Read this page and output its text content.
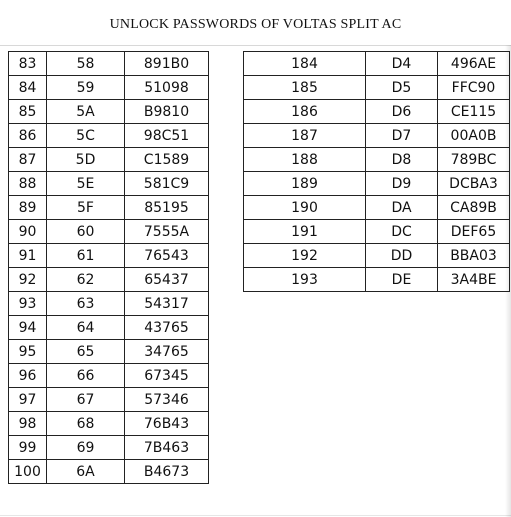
UNLOCK PASSWORDS OF VOLTAS SPLIT AC
83	58	891B0
84	59	51098
85	5A	B9810
86	5C	98C51
87	5D	C1589
88	5E	581C9
89	5F	85195
90	60	7555A
91	61	76543
92	62	65437
93	63	54317
94	64	43765
95	65	34765
96	66	67345
97	67	57346
98	68	76B43
99	69	7B463
100	6A	B4673
184	D4	496AE
185	D5	FFC90
186	D6	CE115
187	D7	00A0B
188	D8	789BC
189	D9	DCBA3
190	DA	CA89B
191	DC	DEF65
192	DD	BBA03
193	DE	3A4BE
